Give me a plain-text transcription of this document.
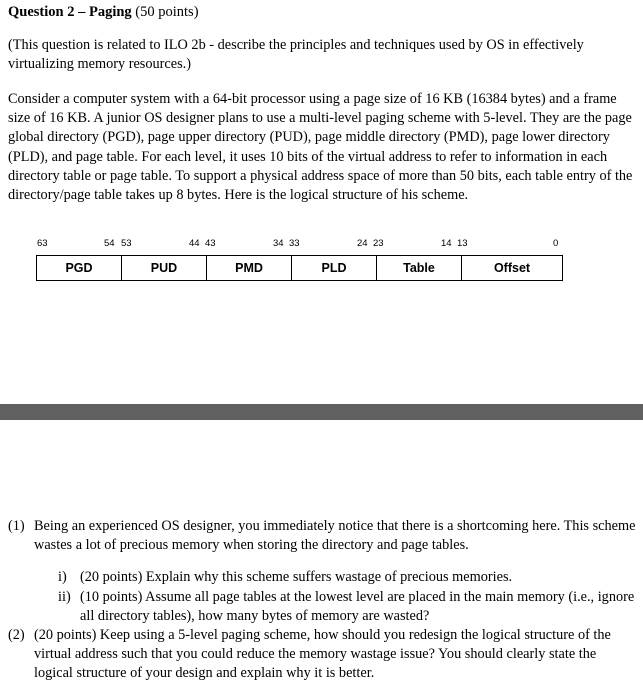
Question 2 – Paging (50 points)
(This question is related to ILO 2b - describe the principles and techniques used by OS in effectively virtualizing memory resources.)
Consider a computer system with a 64-bit processor using a page size of 16 KB (16384 bytes) and a frame size of 16 KB. A junior OS designer plans to use a multi-level paging scheme with 5-level. They are the page global directory (PGD), page upper directory (PUD), page middle directory (PMD), page lower directory (PLD), and page table. For each level, it uses 10 bits of the virtual address to refer to information in each directory table or page table. To support a physical address space of more than 50 bits, each table entry of the directory/page table takes up 8 bytes. Here is the logical structure of his scheme.
63	54 53	44 43	34 33	24 23	14 13	0
PGD	PUD	PMD	PLD	Table	Offset
(1) Being an experienced OS designer, you immediately notice that there is a shortcoming here. This scheme wastes a lot of precious memory when storing the directory and page tables.
i) (20 points) Explain why this scheme suffers wastage of precious memories.
ii) (10 points) Assume all page tables at the lowest level are placed in the main memory (i.e., ignore all directory tables), how many bytes of memory are wasted?
(2) (20 points) Keep using a 5-level paging scheme, how should you redesign the logical structure of the virtual address such that you could reduce the memory wastage issue? You should clearly state the logical structure of your design and explain why it is better.
